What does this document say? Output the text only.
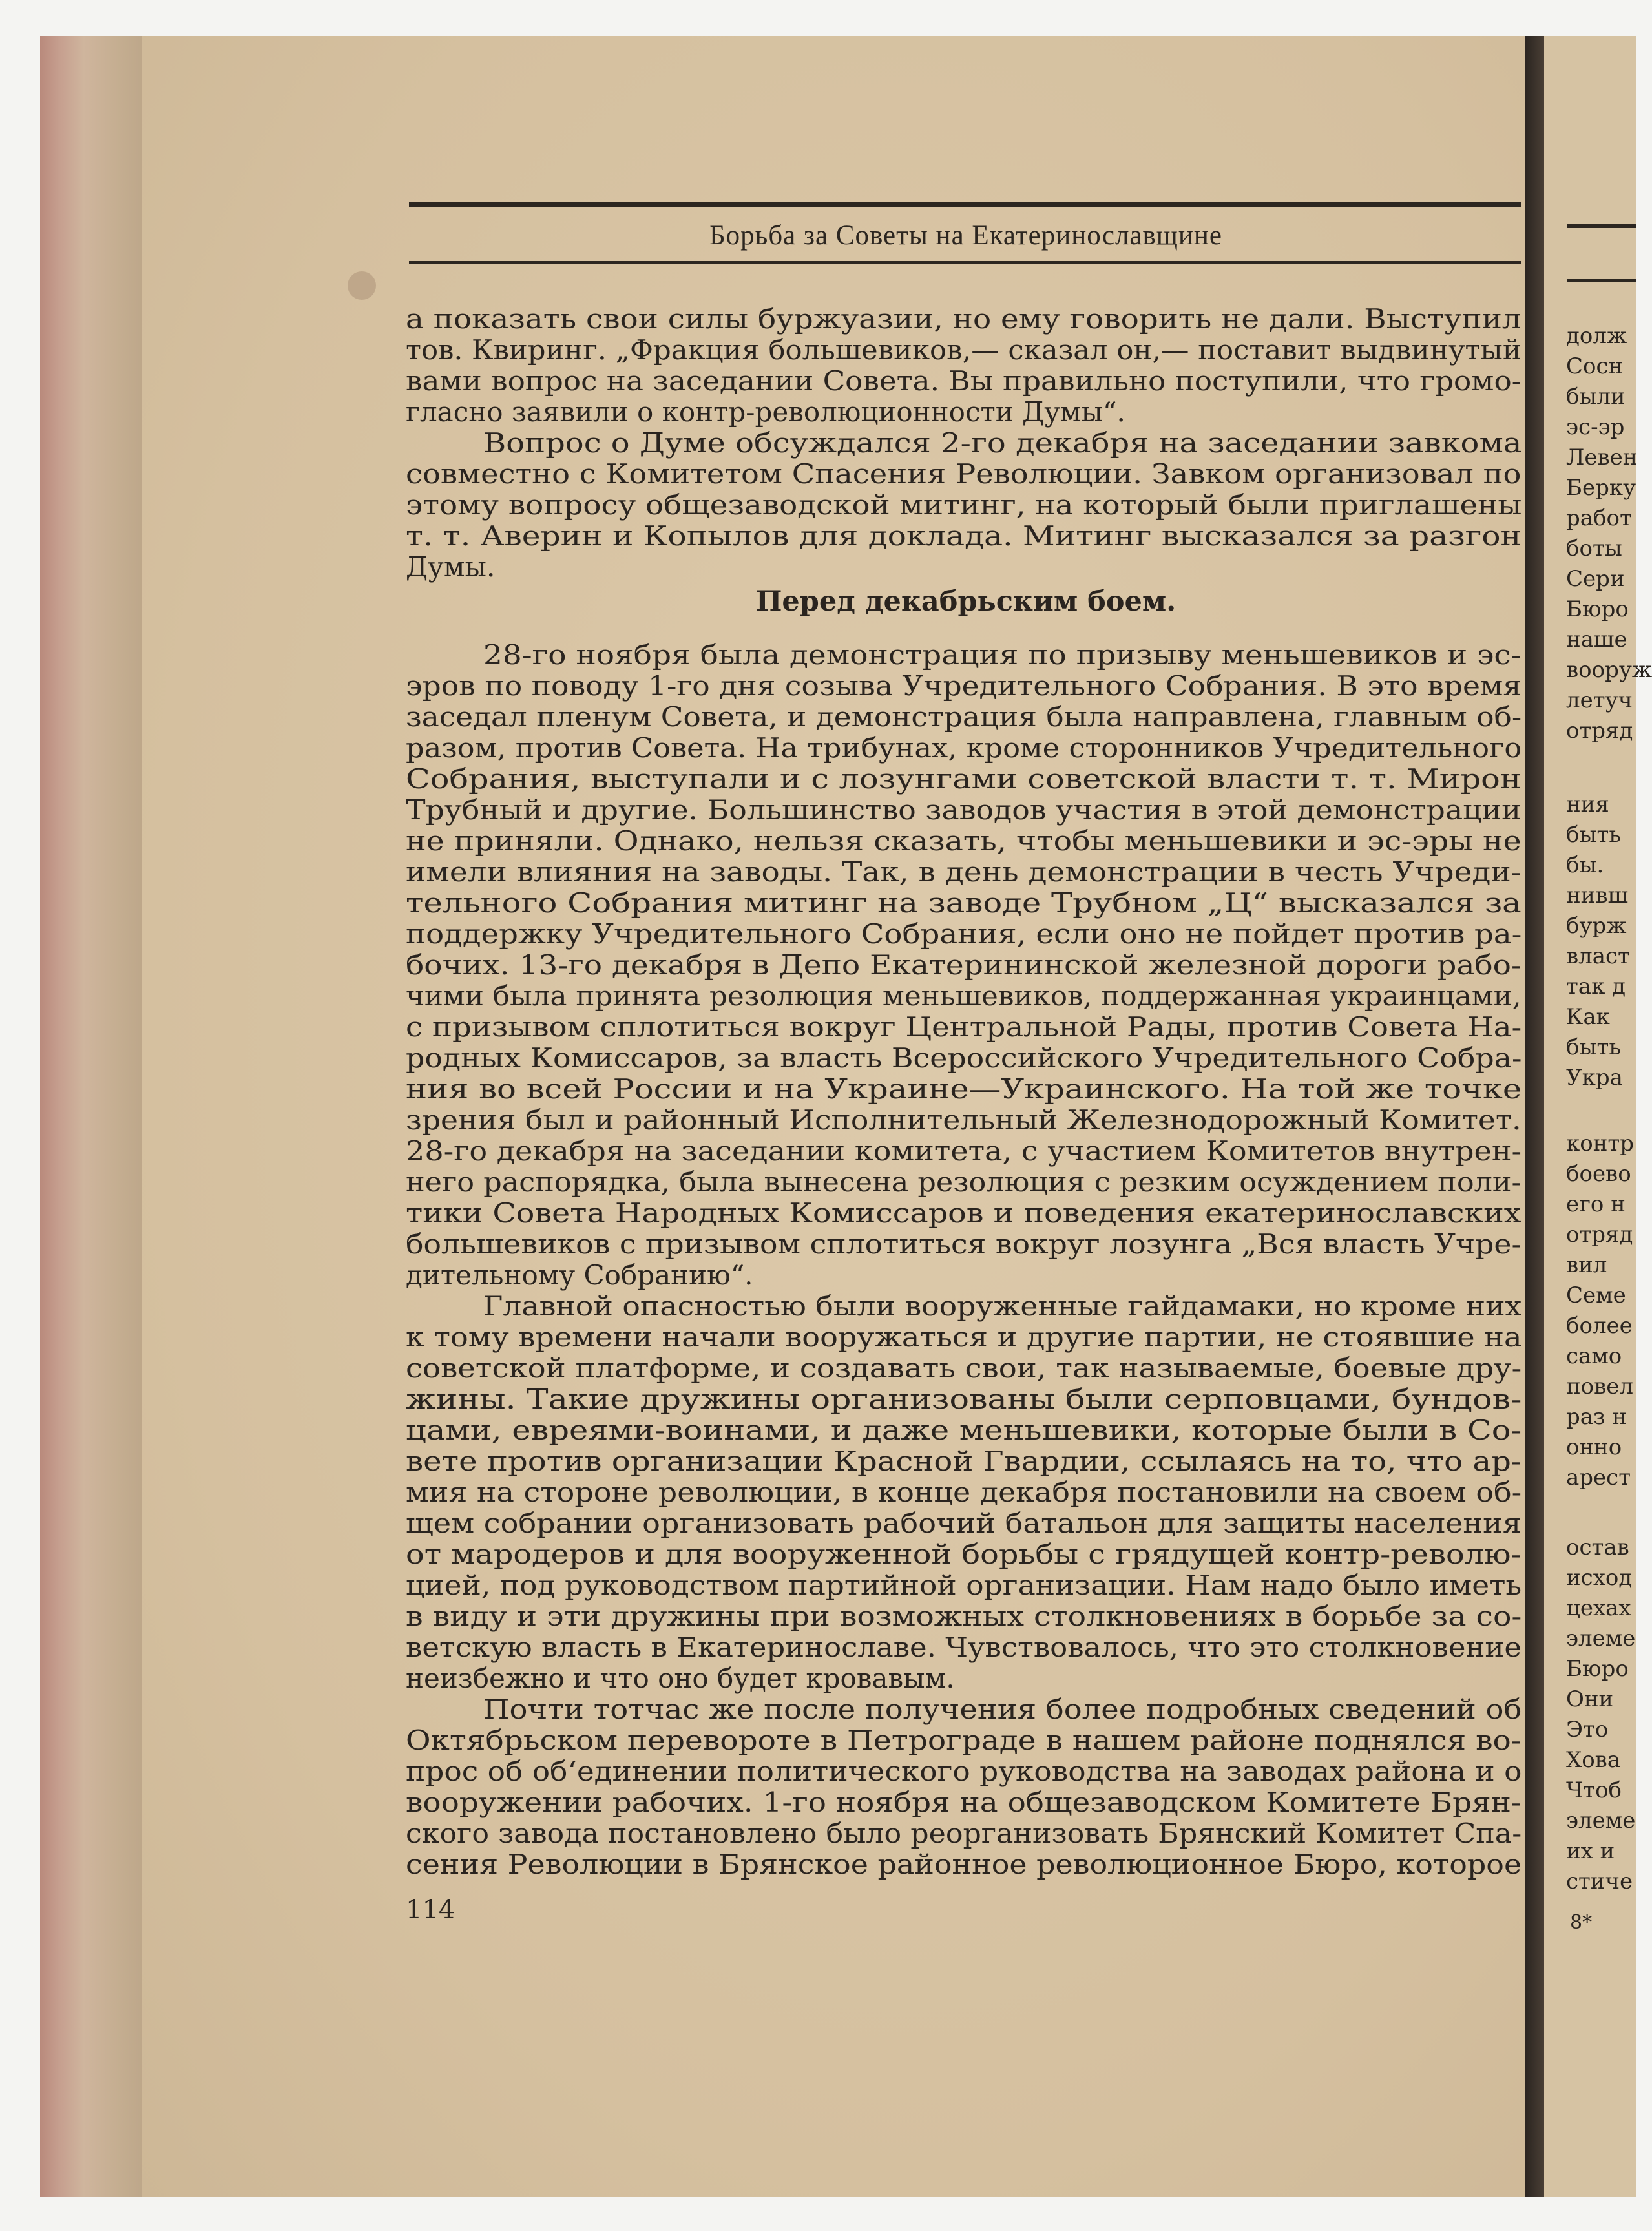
Борьба за Советы на Екатеринославщине
а показать свои силы буржуазии, но ему говорить не дали. Выступил
тов. Квиринг. „Фракция большевиков,— сказал он,— поставит выдвинутый
вами вопрос на заседании Совета. Вы правильно поступили, что громо-
гласно заявили о контр-революционности Думы“.
Вопрос о Думе обсуждался 2-го декабря на заседании завкома
совместно с Комитетом Спасения Революции. Завком организовал по
этому вопросу общезаводской митинг, на который были приглашены
т. т. Аверин и Копылов для доклада. Митинг высказался за разгон
Думы.
28-го ноября была демонстрация по призыву меньшевиков и эс-
эров по поводу 1-го дня созыва Учредительного Собрания. В это время
заседал пленум Совета, и демонстрация была направлена, главным об-
разом, против Совета. На трибунах, кроме сторонников Учредительного
Собрания, выступали и с лозунгами советской власти т. т. Мирон
Трубный и другие. Большинство заводов участия в этой демонстрации
не приняли. Однако, нельзя сказать, чтобы меньшевики и эс-эры не
имели влияния на заводы. Так, в день демонстрации в честь Учреди-
тельного Собрания митинг на заводе Трубном „Ц“ высказался за
поддержку Учредительного Собрания, если оно не пойдет против ра-
бочих. 13-го декабря в Депо Екатерининской железной дороги рабо-
чими была принята резолюция меньшевиков, поддержанная украинцами,
с призывом сплотиться вокруг Центральной Рады, против Совета На-
родных Комиссаров, за власть Всероссийского Учредительного Собра-
ния во всей России и на Украине—Украинского. На той же точке
зрения был и районный Исполнительный Железнодорожный Комитет.
28-го декабря на заседании комитета, с участием Комитетов внутрен-
него распорядка, была вынесена резолюция с резким осуждением поли-
тики Совета Народных Комиссаров и поведения екатеринославских
большевиков с призывом сплотиться вокруг лозунга „Вся власть Учре-
дительному Собранию“.
Главной опасностью были вооруженные гайдамаки, но кроме них
к тому времени начали вооружаться и другие партии, не стоявшие на
советской платформе, и создавать свои, так называемые, боевые дру-
жины. Такие дружины организованы были серповцами, бундов-
цами, евреями-воинами, и даже меньшевики, которые были в Со-
вете против организации Красной Гвардии, ссылаясь на то, что ар-
мия на стороне революции, в конце декабря постановили на своем об-
щем собрании организовать рабочий батальон для защиты населения
от мародеров и для вооруженной борьбы с грядущей контр-револю-
цией, под руководством партийной организации. Нам надо было иметь
в виду и эти дружины при возможных столкновениях в борьбе за со-
ветскую власть в Екатеринославе. Чувствовалось, что это столкновение
неизбежно и что оно будет кровавым.
Почти тотчас же после получения более подробных сведений об
Октябрьском перевороте в Петрограде в нашем районе поднялся во-
прос об об‘единении политического руководства на заводах района и о
вооружении рабочих. 1-го ноября на общезаводском Комитете Брян-
ского завода постановлено было реорганизовать Брянский Комитет Спа-
сения Революции в Брянское районное революционное Бюро, которое
Перед декабрьским боем.
114
долж
Сосн
были
эс-эр
Левен
Берку
работ
боты
Сери
Бюро
наше
вооруж
летуч
отряд
ния
быть
бы.
нивш
бурж
власт
так д
Как
быть
Укра
контр
боево
его н
отряд
вил
Семе
более
само
повел
раз н
онно
арест
остав
исход
цехах
элеме
Бюро
Они
Это
Хова
Чтоб
элеме
их и
стиче
8*
